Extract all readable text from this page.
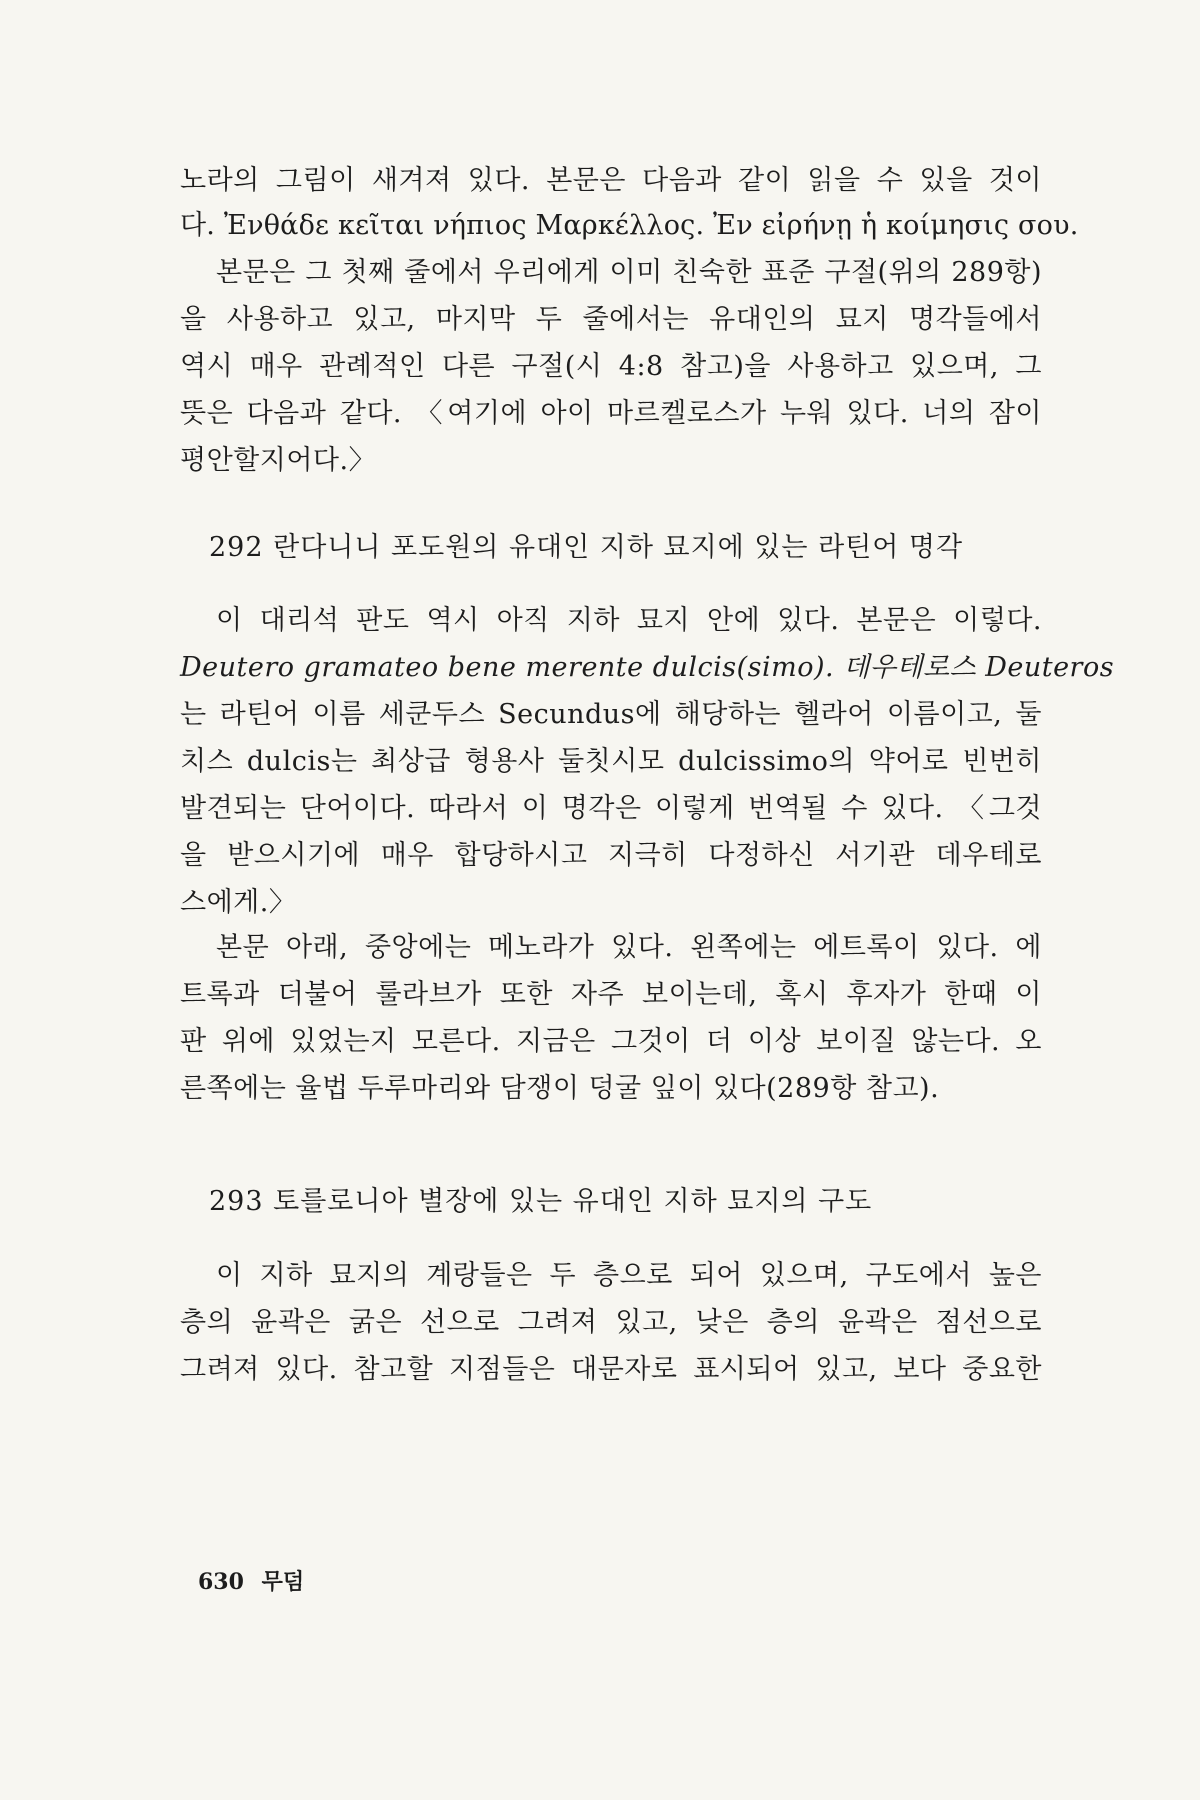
노라의 그림이 새겨져 있다. 본문은 다음과 같이 읽을 수 있을 것이
다. Ἐνθάδε κεῖται νήπιος Μαρκέλλος. Ἐν εἰρήνῃ ἡ κοίμησις σου.
본문은 그 첫째 줄에서 우리에게 이미 친숙한 표준 구절(위의 289항)
을 사용하고 있고, 마지막 두 줄에서는 유대인의 묘지 명각들에서
역시 매우 관례적인 다른 구절(시 4:8 참고)을 사용하고 있으며, 그
뜻은 다음과 같다. 〈여기에 아이 마르켈로스가 누워 있다. 너의 잠이
평안할지어다.〉
292 란다니니 포도원의 유대인 지하 묘지에 있는 라틴어 명각
이 대리석 판도 역시 아직 지하 묘지 안에 있다. 본문은 이렇다.
Deutero gramateo bene merente dulcis(simo). 데우테로스 Deuteros
는 라틴어 이름 세쿤두스 Secundus에 해당하는 헬라어 이름이고, 둘
치스 dulcis는 최상급 형용사 둘칫시모 dulcissimo의 약어로 빈번히
발견되는 단어이다. 따라서 이 명각은 이렇게 번역될 수 있다. 〈그것
을 받으시기에 매우 합당하시고 지극히 다정하신 서기관 데우테로
스에게.〉
본문 아래, 중앙에는 메노라가 있다. 왼쪽에는 에트록이 있다. 에
트록과 더불어 룰라브가 또한 자주 보이는데, 혹시 후자가 한때 이
판 위에 있었는지 모른다. 지금은 그것이 더 이상 보이질 않는다. 오
른쪽에는 율법 두루마리와 담쟁이 덩굴 잎이 있다(289항 참고).
293 토를로니아 별장에 있는 유대인 지하 묘지의 구도
이 지하 묘지의 계랑들은 두 층으로 되어 있으며, 구도에서 높은
층의 윤곽은 굵은 선으로 그려져 있고, 낮은 층의 윤곽은 점선으로
그려져 있다. 참고할 지점들은 대문자로 표시되어 있고, 보다 중요한
630 무덤
